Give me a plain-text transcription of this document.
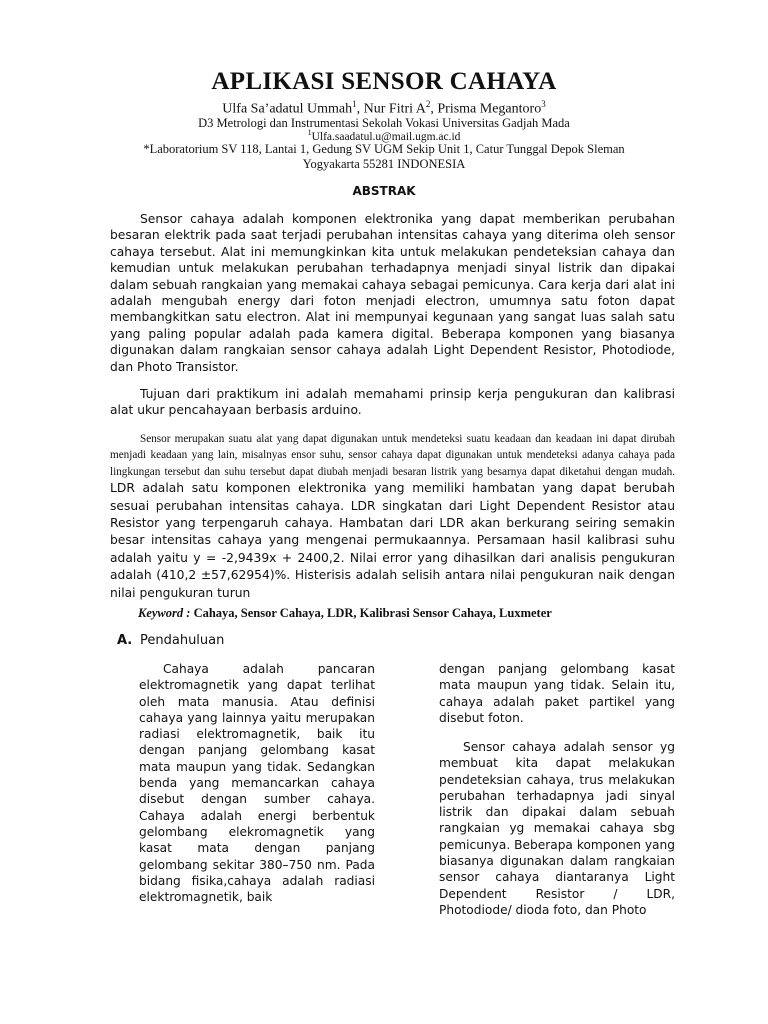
APLIKASI SENSOR CAHAYA
Ulfa Sa’adatul Ummah$^1$, Nur Fitri $A^2$, Prisma Megantoro$^3$
D3 Metrologi dan Instrumentasi Sekolah Vokasi Universitas Gadjah Mada
$^1$Ulfa.saadatul.u@mail.ugm.ac.id
*Laboratorium SV 118, Lantai 1, Gedung SV UGM Sekip Unit 1, Catur Tunggal Depok Sleman
Yogyakarta 55281 INDONESIA
ABSTRAK
Sensor cahaya adalah komponen elektronika yang dapat memberikan perubahan besaran elektrik pada saat terjadi perubahan intensitas cahaya yang diterima oleh sensor cahaya tersebut. Alat ini memungkinkan kita untuk melakukan pendeteksian cahaya dan kemudian untuk melakukan perubahan terhadapnya menjadi sinyal listrik dan dipakai dalam sebuah rangkaian yang memakai cahaya sebagai pemicunya. Cara kerja dari alat ini adalah mengubah energy dari foton menjadi electron, umumnya satu foton dapat membangkitkan satu electron. Alat ini mempunyai kegunaan yang sangat luas salah satu yang paling popular adalah pada kamera digital. Beberapa komponen yang biasanya digunakan dalam rangkaian sensor cahaya adalah Light Dependent Resistor, Photodiode, dan Photo Transistor.
Tujuan dari praktikum ini adalah memahami prinsip kerja pengukuran dan kalibrasi alat ukur pencahayaan berbasis arduino.
Sensor merupakan suatu alat yang dapat digunakan untuk mendeteksi suatu keadaan dan keadaan ini dapat dirubah menjadi keadaan yang lain, misalnyas ensor suhu, sensor cahaya dapat digunakan untuk mendeteksi adanya cahaya pada lingkungan tersebut dan suhu tersebut dapat diubah menjadi besaran listrik yang besarnya dapat diketahui dengan mudah. LDR adalah satu komponen elektronika yang memiliki hambatan yang dapat berubah sesuai perubahan intensitas cahaya. LDR singkatan dari Light Dependent Resistor atau Resistor yang terpengaruh cahaya. Hambatan dari LDR akan berkurang seiring semakin besar intensitas cahaya yang mengenai permukaannya. Persamaan hasil kalibrasi suhu adalah yaitu y = -2,9439x + 2400,2. Nilai error yang dihasilkan dari analisis pengukuran adalah (410,2 ±57,62954)%. Histerisis adalah selisih antara nilai pengukuran naik dengan nilai pengukuran turun
Keyword : Cahaya, Sensor Cahaya, LDR, Kalibrasi Sensor Cahaya, Luxmeter
A. Pendahuluan
Cahaya adalah pancaran elektromagnetik yang dapat terlihat oleh mata manusia. Atau definisi cahaya yang lainnya yaitu merupakan radiasi elektromagnetik, baik itu dengan panjang gelombang kasat mata maupun yang tidak. Sedangkan benda yang memancarkan cahaya disebut dengan sumber cahaya. Cahaya adalah energi berbentuk gelombang elekromagnetik yang kasat mata dengan panjang gelombang sekitar 380–750 nm. Pada bidang fisika,cahaya adalah radiasi elektromagnetik, baik
dengan panjang gelombang kasat mata maupun yang tidak. Selain itu, cahaya adalah paket partikel yang disebut foton.
Sensor cahaya adalah sensor yg membuat kita dapat melakukan pendeteksian cahaya, trus melakukan perubahan terhadapnya jadi sinyal listrik dan dipakai dalam sebuah rangkaian yg memakai cahaya sbg pemicunya. Beberapa komponen yang biasanya digunakan dalam rangkaian sensor cahaya diantaranya Light Dependent Resistor / LDR, Photodiode/ dioda foto, dan Photo
